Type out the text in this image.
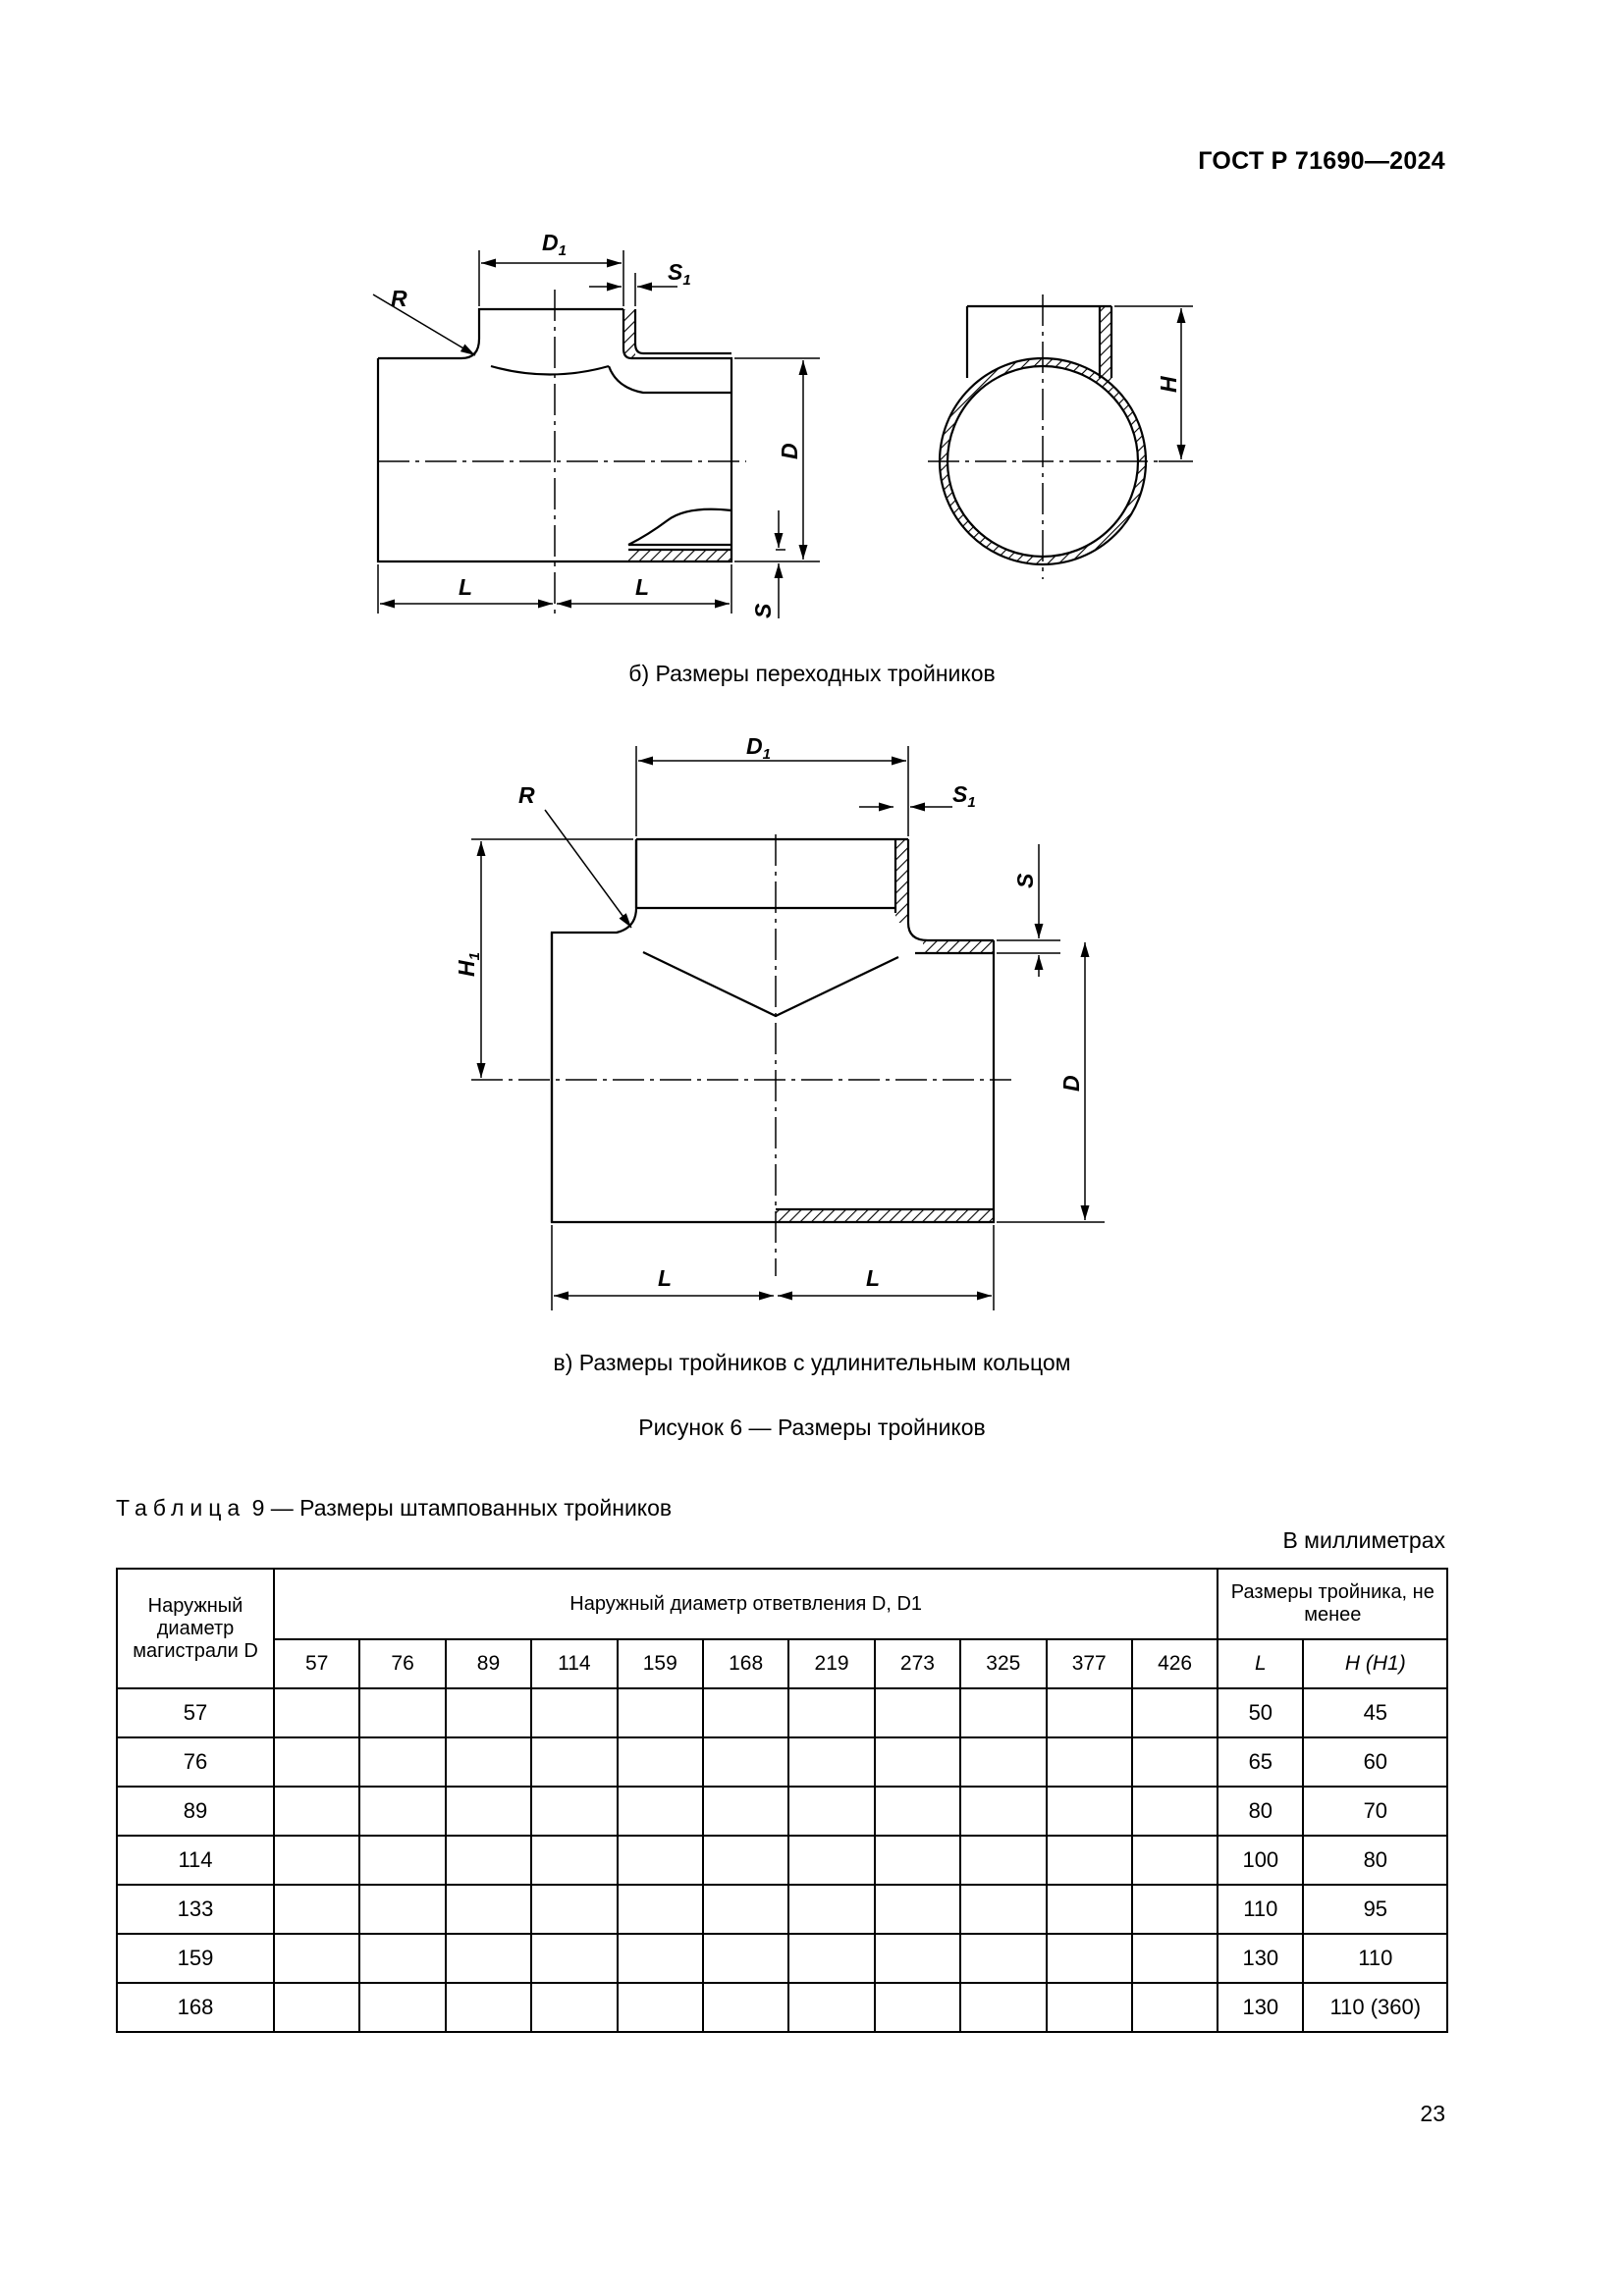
ГОСТ Р 71690—2024
$D_1$
$S_1$
R
D
L	L
S
H
$D_1$
$S_1$
R
$H_1$
S
D
L	L
б) Размеры переходных тройников
в) Размеры тройников с удлинительным кольцом
Рисунок 6 — Размеры тройников
Таблица 9 — Размеры штампованных тройников
В миллиметрах
Наружный диаметр магистрали D	Наружный диаметр ответвления D, D1											Размеры тройника, не менее	
	57	76	89	114	159	168	219	273	325	377	426	L	H (H1)
57												50	45
76												65	60
89												80	70
114												100	80
133												110	95
159												130	110
168												130	110 (360)
23
